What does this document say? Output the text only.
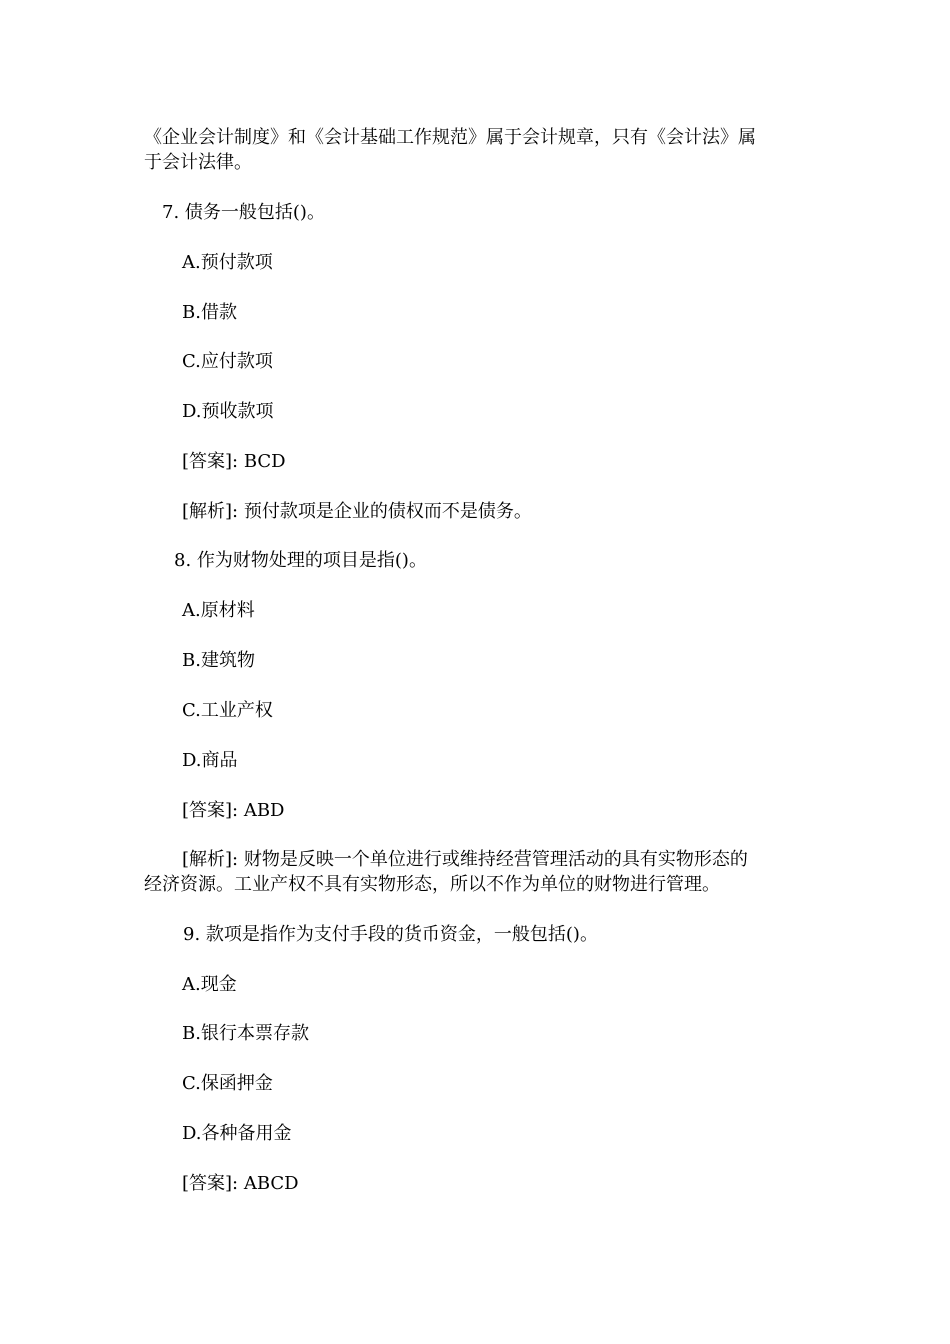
《企业会计制度》和《会计基础工作规范》属于会计规章，只有《会计法》属
于会计法律。
7. 债务一般包括()。
A.预付款项
B.借款
C.应付款项
D.预收款项
[答案]: BCD
[解析]: 预付款项是企业的债权而不是债务。
8. 作为财物处理的项目是指()。
A.原材料
B.建筑物
C.工业产权
D.商品
[答案]: ABD
[解析]: 财物是反映一个单位进行或维持经营管理活动的具有实物形态的
经济资源。工业产权不具有实物形态，所以不作为单位的财物进行管理。
9. 款项是指作为支付手段的货币资金，一般包括()。
A.现金
B.银行本票存款
C.保函押金
D.各种备用金
[答案]: ABCD
